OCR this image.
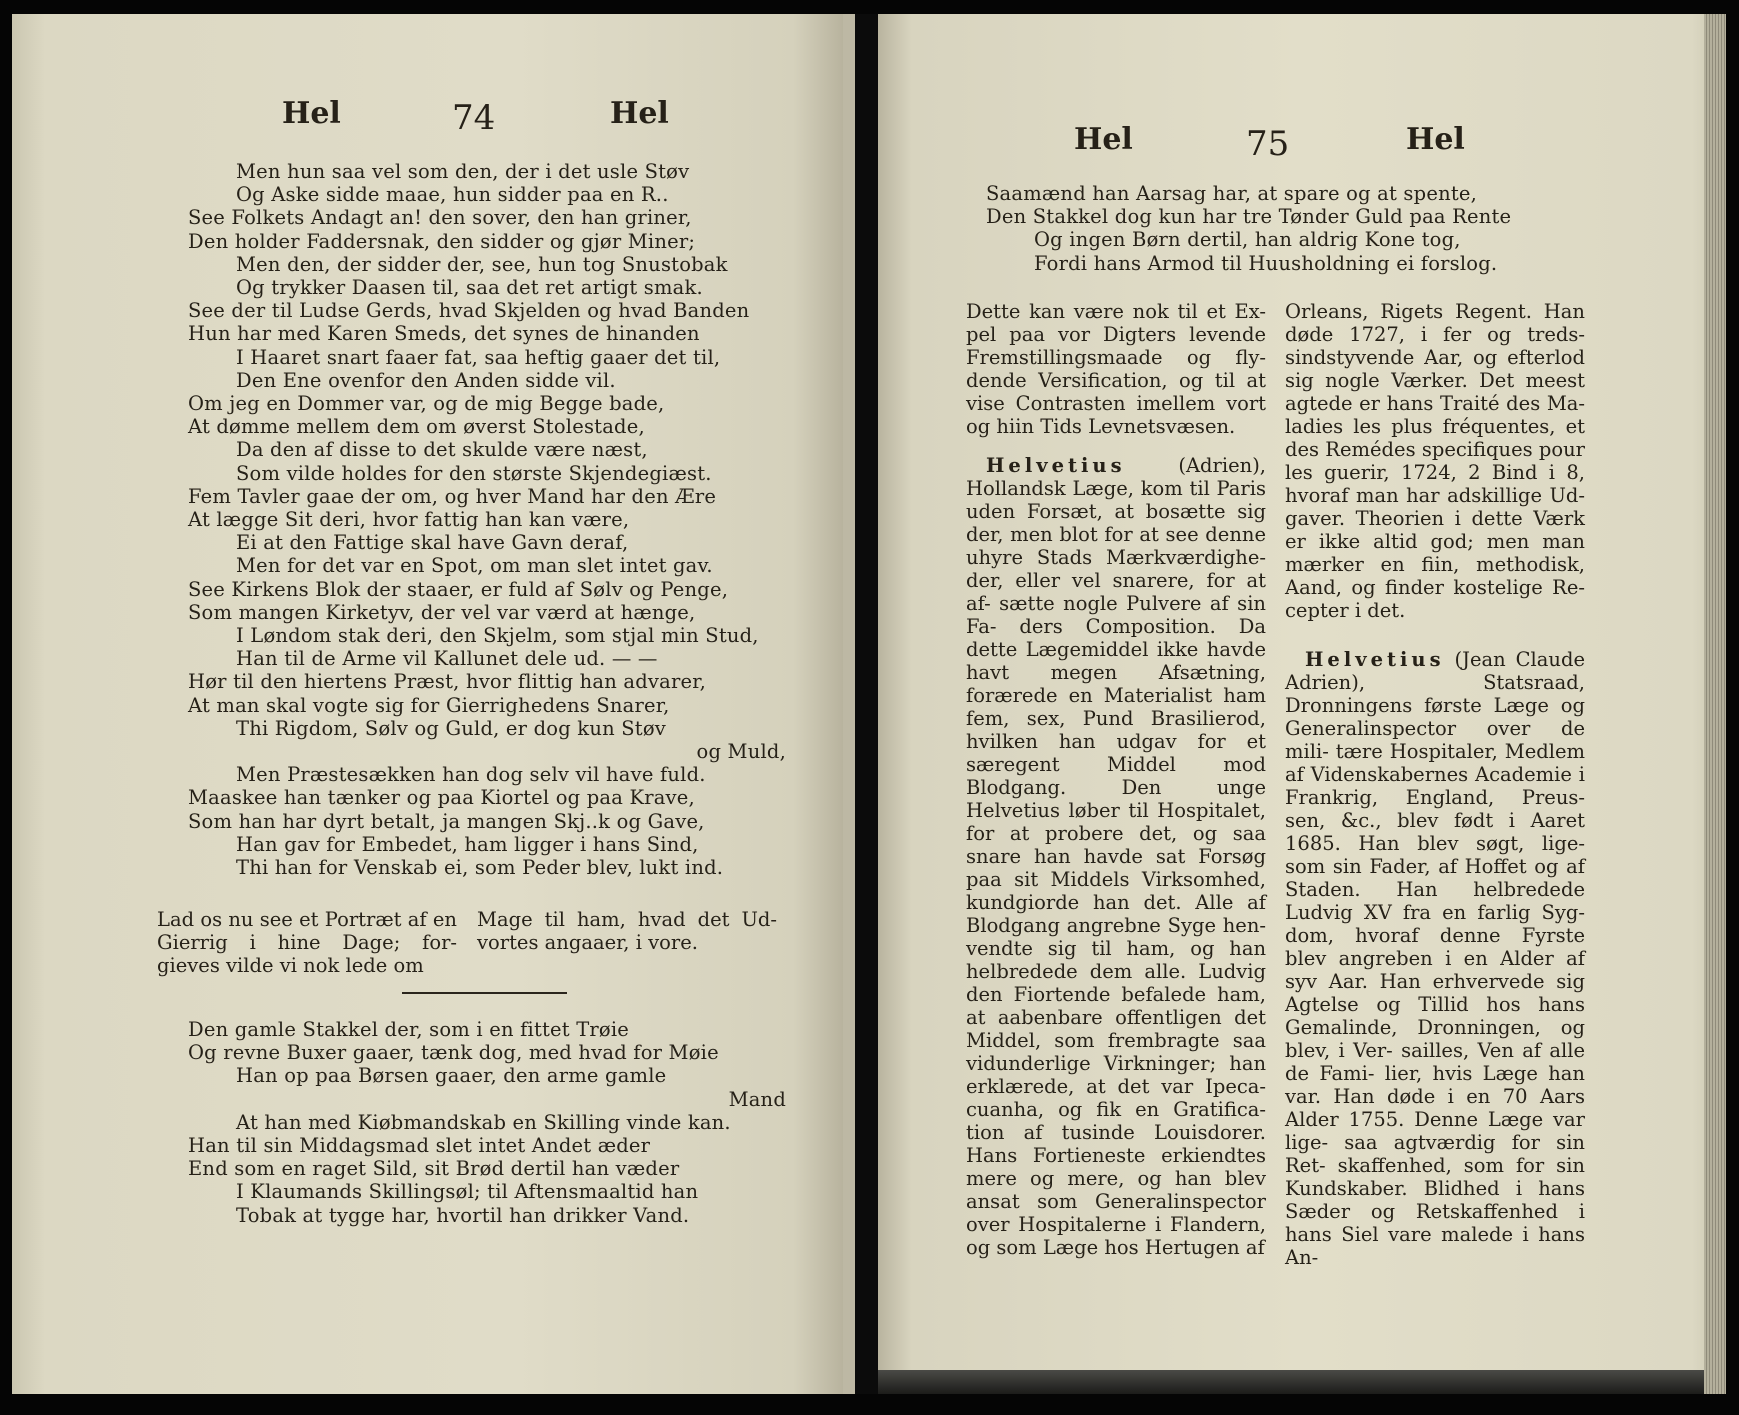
Hel	74	Hel
Men hun saa vel som den, der i det usle Støv
Og Aske sidde maae, hun sidder paa en R..
See Folkets Andagt an! den sover, den han griner,
Den holder Faddersnak, den sidder og gjør Miner;
Men den, der sidder der, see, hun tog Snustobak
Og trykker Daasen til, saa det ret artigt smak.
See der til Ludse Gerds, hvad Skjelden og hvad Banden
Hun har med Karen Smeds, det synes de hinanden
I Haaret snart faaer fat, saa heftig gaaer det til,
Den Ene ovenfor den Anden sidde vil.
Om jeg en Dommer var, og de mig Begge bade,
At dømme mellem dem om øverst Stolestade,
Da den af disse to det skulde være næst,
Som vilde holdes for den største Skjendegiæst.
Fem Tavler gaae der om, og hver Mand har den Ære
At lægge Sit deri, hvor fattig han kan være,
Ei at den Fattige skal have Gavn deraf,
Men for det var en Spot, om man slet intet gav.
See Kirkens Blok der staaer, er fuld af Sølv og Penge,
Som mangen Kirketyv, der vel var værd at hænge,
I Løndom stak deri, den Skjelm, som stjal min Stud,
Han til de Arme vil Kallunet dele ud. — —
Hør til den hiertens Præst, hvor flittig han advarer,
At man skal vogte sig for Gierrighedens Snarer,
Thi Rigdom, Sølv og Guld, er dog kun Støv
og Muld,
Men Præstesækken han dog selv vil have fuld.
Maaskee han tænker og paa Kiortel og paa Krave,
Som han har dyrt betalt, ja mangen Skj..k og Gave,
Han gav for Embedet, ham ligger i hans Sind,
Thi han for Venskab ei, som Peder blev, lukt ind.

Lad os nu see et Portræt af en Gierrig i hine Dage; for- gieves vilde vi nok lede om

Mage til ham, hvad det Ud- vortes angaaer, i vore.

Den gamle Stakkel der, som i en fittet Trøie
Og revne Buxer gaaer, tænk dog, med hvad for Møie
Han op paa Børsen gaaer, den arme gamle
Mand
At han med Kiøbmandskab en Skilling vinde kan.
Han til sin Middagsmad slet intet Andet æder
End som en raget Sild, sit Brød dertil han væder
I Klaumands Skillingsøl; til Aftensmaaltid han
Tobak at tygge har, hvortil han drikker Vand.
Hel	75	Hel
Saamænd han Aarsag har, at spare og at spente,
Den Stakkel dog kun har tre Tønder Guld paa Rente
Og ingen Børn dertil, han aldrig Kone tog,
Fordi hans Armod til Huusholdning ei forslog.

Dette kan være nok til et Ex- pel paa vor Digters levende Fremstillingsmaade og fly- dende Versification, og til at vise Contrasten imellem vort og hiin Tids Levnetsvæsen.

Helvetius	(Adrien), Hollandsk Læge, kom til Paris uden Forsæt, at bosætte sig der, men blot for at see denne uhyre Stads Mærkværdighe- der, eller vel snarere, for at af- sætte nogle Pulvere af sin Fa- ders Composition. Da dette Lægemiddel ikke havde havt megen Afsætning, forærede en Materialist ham fem, sex, Pund Brasilierod, hvilken han udgav for et særegent Middel mod Blodgang. Den unge Helvetius løber til Hospitalet, for at probere det, og saa snare han havde sat Forsøg paa sit Middels Virksomhed, kundgiorde han det. Alle af Blodgang angrebne Syge hen- vendte sig til ham, og han helbredede dem alle. Ludvig den Fiortende befalede ham, at aabenbare offentligen det Middel, som frembragte saa vidunderlige Virkninger; han erklærede, at det var Ipeca- cuanha, og fik en Gratifica- tion af tusinde Louisdorer. Hans Fortieneste erkiendtes mere og mere, og han blev ansat som Generalinspector over Hospitalerne i Flandern, og som Læge hos Hertugen af

Orleans, Rigets Regent. Han døde 1727, i fer og treds- sindstyvende Aar, og efterlod sig nogle Værker. Det meest agtede er hans Traité des Ma- ladies les plus fréquentes, et des Remédes specifiques pour les guerir, 1724, 2 Bind i 8, hvoraf man har adskillige Ud- gaver. Theorien i dette Værk er ikke altid god; men man mærker en fiin, methodisk, Aand, og finder kostelige Re- cepter i det.

Helvetius (Jean Claude Adrien), Statsraad, Dronningens første Læge og Generalinspector over de mili- tære Hospitaler, Medlem af Videnskabernes Academie i Frankrig, England, Preus- sen, &c., blev født i Aaret 1685. Han blev søgt, lige- som sin Fader, af Hoffet og af Staden. Han helbredede Ludvig XV fra en farlig Syg- dom, hvoraf denne Fyrste blev angreben i en Alder af syv Aar. Han erhvervede sig Agtelse og Tillid hos hans Gemalinde, Dronningen, og blev, i Ver- sailles, Ven af alle de Fami- lier, hvis Læge han var. Han døde i en 70 Aars Alder 1755. Denne Læge var lige- saa agtværdig for sin Ret- skaffenhed, som for sin Kundskaber. Blidhed i hans Sæder og Retskaffenhed i hans Siel vare malede i hans An-
